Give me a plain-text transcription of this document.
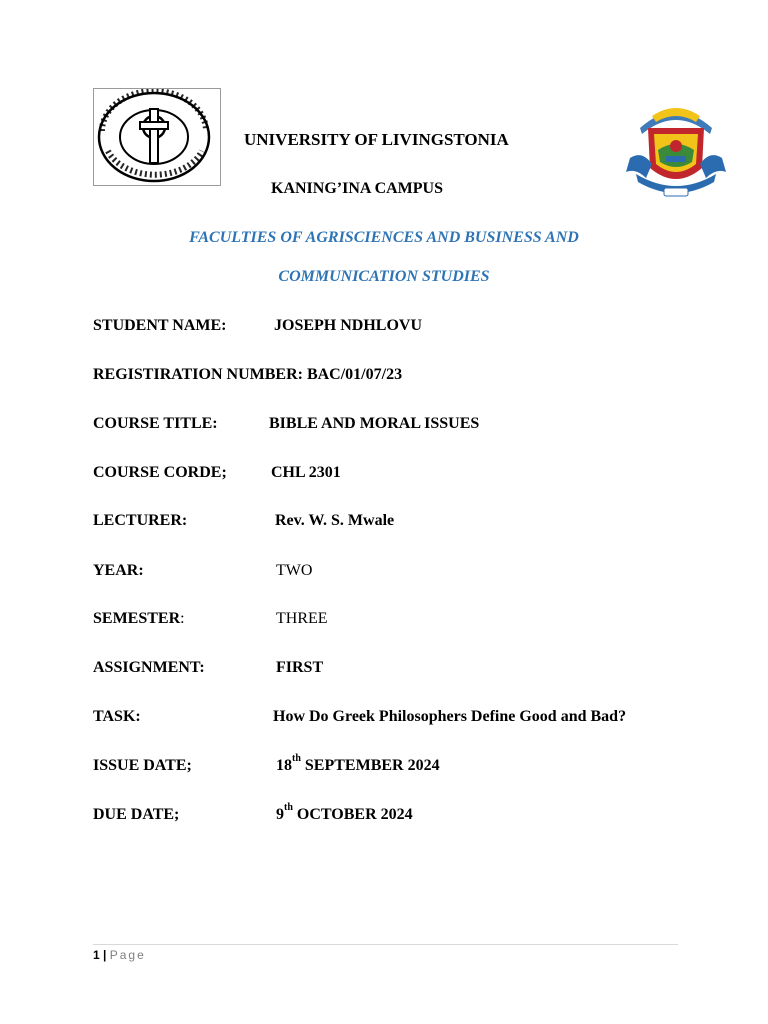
UNIVERSITY OF LIVINGSTONIA
KANING’INA CAMPUS
FACULTIES OF AGRISCIENCES AND BUSINESS AND
COMMUNICATION STUDIES
STUDENT NAME:	JOSEPH NDHLOVU
REGISTIRATION NUMBER: BAC/01/07/23
COURSE TITLE:	BIBLE AND MORAL ISSUES
COURSE CORDE;	CHL 2301
LECTURER:	Rev. W. S. Mwale
YEAR:	TWO
SEMESTER:	THREE
ASSIGNMENT:	FIRST
TASK:	How Do Greek Philosophers Define Good and Bad?
ISSUE DATE;	18th SEPTEMBER 2024
DUE DATE;	9th OCTOBER 2024
1 | Page
